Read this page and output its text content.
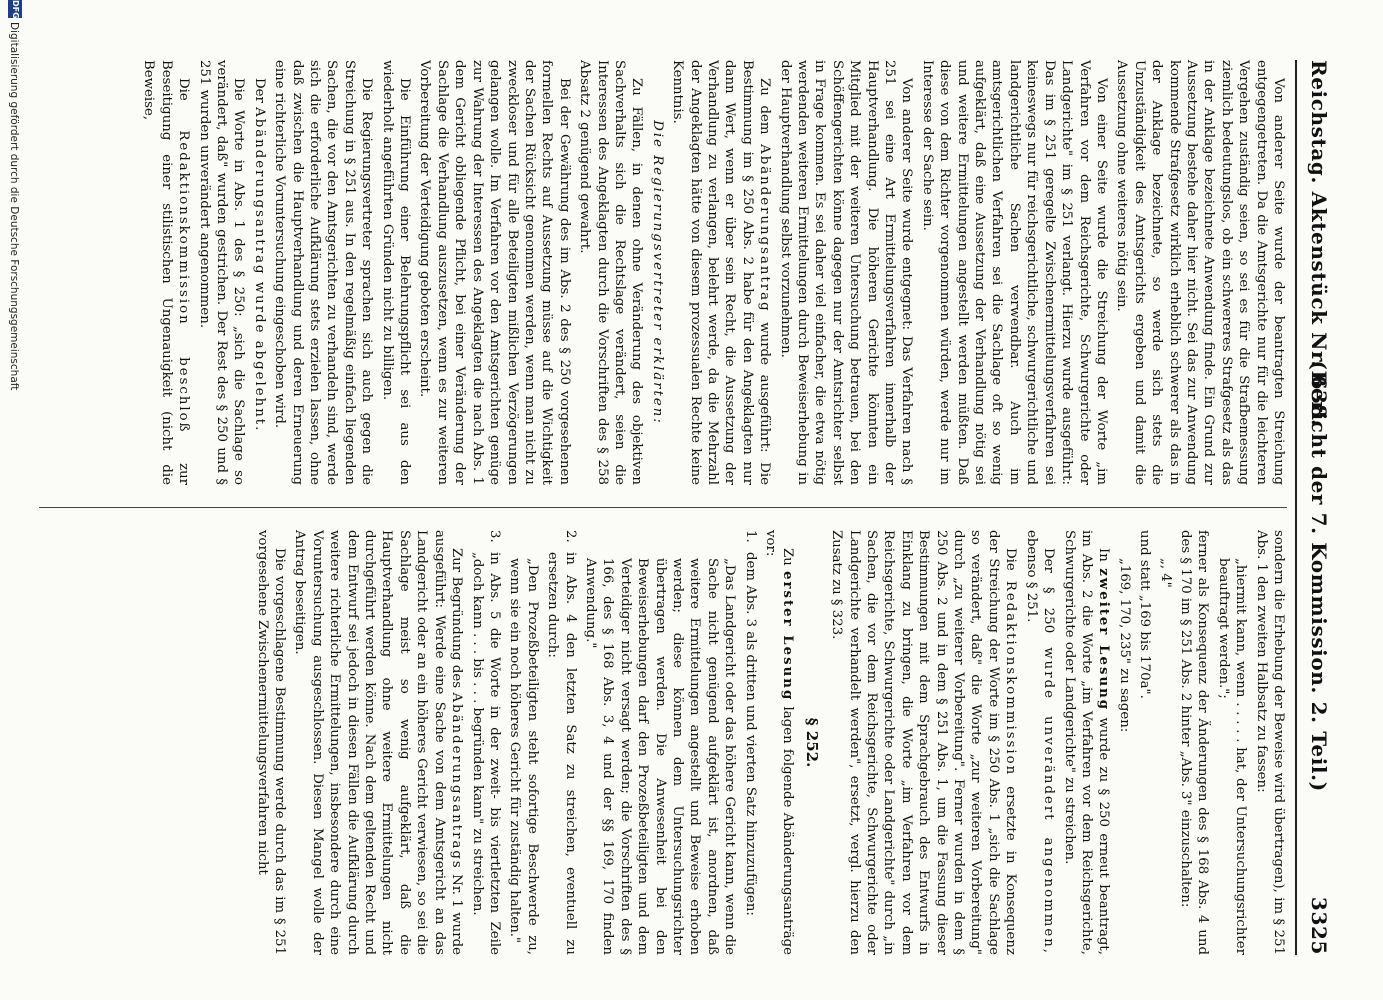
Reichstag. Aktenstück Nr. 638.
(Bericht der 7. Kommission. 2. Teil.)  3325

Von anderer Seite wurde der beantragten Streichung entgegengetreten. Da die Amtsgerichte nur für die leichteren Vergehen zuständig seien, so sei es für die Strafbemessung ziemlich bedeutungslos, ob ein schwereres Strafgesetz als das in der Anklage bezeichnete Anwendung finde. Ein Grund zur Aussetzung bestehe daher hier nicht. Sei das zur Anwendung kommende Strafgesetz wirklich erheblich schwerer als das in der Anklage bezeichnete, so werde sich stets die Unzuständigkeit des Amtsgerichts ergeben und damit die Aussetzung ohne weiteres nötig sein.

Von einer Seite wurde die Streichung der Worte „im Verfahren vor dem Reichsgerichte, Schwurgerichte oder Landgerichte" im § 251 verlangt. Hierzu wurde ausgeführt: Das im § 251 geregelte Zwischenermittelungsverfahren sei keineswegs nur für reichsgerichtliche, schwurgerichtliche und landgerichtliche Sachen verwendbar. Auch im amtsgerichtlichen Verfahren sei die Sachlage oft so wenig aufgeklärt, daß eine Aussetzung der Verhandlung nötig sei und weitere Ermittelungen angestellt werden müßten. Daß diese von dem Richter vorgenommen würden, werde nur im Interesse der Sache sein.

Von anderer Seite wurde entgegnet: Das Verfahren nach § 251 sei eine Art Ermittelungsverfahren innerhalb der Hauptverhandlung. Die höheren Gerichte könnten ein Mitglied mit der weiteren Untersuchung betrauen, bei den Schöffengerichten könne dagegen nur der Amtsrichter selbst in Frage kommen. Es sei daher viel einfacher, die etwa nötig werdenden weiteren Ermittelungen durch Beweiserhebung in der Hauptverhandlung selbst vorzunehmen.

Zu dem Abänderungsantrag wurde ausgeführt: Die Bestimmung im § 250 Abs. 2 habe für den Angeklagten nur dann Wert, wenn er über sein Recht, die Aussetzung der Verhandlung zu verlangen, belehrt werde, da die Mehrzahl der Angeklagten hätte von diesem prozessualen Rechte keine Kenntnis.

Die Regierungsvertreter erklärten:

Zu Fällen, in denen ohne Veränderung des objektiven Sachverhalts sich die Rechtslage verändert, seien die Interessen des Angeklagten durch die Vorschriften des § 258 Absatz 2 genügend gewahrt.

Bei der Gewährung des im Abs. 2 des § 250 vorgesehenen formellen Rechts auf Aussetzung müsse auf die Wichtigkeit der Sachen Rücksicht genommen werden, wenn man nicht zu zweckloser und für alle Beteiligten mißlichen Verzögerungen gelangen wolle. Im Verfahren vor den Amtsgerichten genüge zur Wahrung der Interessen des Angeklagten die nach Abs. 1 dem Gericht obliegende Pflicht, bei einer Veränderung der Sachlage die Verhandlung auszusetzen, wenn es zur weiteren Vorbereitung der Verteidigung geboten erscheint.

Die Einführung einer Belehrungspflicht sei aus den wiederholt angeführten Gründen nicht zu billigen.

Die Regierungsvertreter sprachen sich auch gegen die Streichung in § 251 aus. In den regelmäßig einfach liegenden Sachen, die vor den Amtsgerichten zu verhandeln sind, werde sich die erforderliche Aufklärung stets erzielen lassen, ohne daß zwischen die Hauptverhandlung und deren Erneuerung eine richterliche Voruntersuchung eingeschoben wird.

Der Abänderungsantrag wurde abgelehnt.

Die Worte in Abs. 1 des § 250: „sich die Sachlage so verändert, daß" wurden gestrichen. Der Rest des § 250 und § 251 wurden unverändert angenommen.

Die Redaktionskommission beschloß zur Beseitigung einer stilistischen Ungenauigkeit (nicht die Beweise,

sondern die Erhebung der Beweise wird übertragen), im § 251 Abs. 1 den zweiten Halbsatz zu fassen:

„hiermit kann, wenn . . . . . hat, der Untersuchungsrichter beauftragt werden.";

ferner als Konsequenz der Änderungen des § 168 Abs. 4 und des § 170 im § 251 Abs. 2 hinter „Abs. 3" einzuschalten:

„, 4"

und statt „169 bis 170a".

„169, 170, 235" zu sagen:

In zweiter Lesung wurde zu § 250 erneut beantragt, im Abs. 2 die Worte „im Verfahren vor dem Reichsgerichte, Schwurgerichte oder Landgerichte" zu streichen.

Der § 250 wurde unverändert angenommen, ebenso § 251.

Die Redaktionskommission ersetzte in Konsequenz der Streichung der Worte im § 250 Abs. 1 „sich die Sachlage so verändert, daß" die Worte „zur weiteren Vorbereitung" durch „zu weiterer Vorbereitung". Ferner wurden in dem § 250 Abs. 2 und in dem § 251 Abs. 1, um die Fassung dieser Bestimmungen mit dem Sprachgebrauch des Entwurfs in Einklang zu bringen, die Worte „im Verfahren vor dem Reichsgerichte, Schwurgerichte oder Landgerichte" durch „in Sachen, die vor dem Reichsgerichte, Schwurgerichte oder Landgerichte verhandelt werden", ersetzt, vergl. hierzu den Zusatz zu § 323.

§ 252.

Zu erster Lesung lagen folgende Abänderungsanträge vor:

1.dem Abs. 3 als dritten und vierten Satz hinzuzufügen:

„Das Landgericht oder das höhere Gericht kann, wenn die Sache nicht genügend aufgeklärt ist, anordnen, daß weitere Ermittelungen angestellt und Beweise erhoben werden; diese können dem Untersuchungsrichter übertragen werden. Die Anwesenheit bei den Beweiserhebungen darf den Prozeßbeteiligten und dem Verteidiger nicht versagt werden; die Vorschriften des § 166, des § 168 Abs. 3, 4 und der §§ 169, 170 finden Anwendung."

2.in Abs. 4 den letzten Satz zu streichen, eventuell zu ersetzen durch:

„Den Prozeßbeteiligten steht sofortige Beschwerde zu, wenn sie ein noch höheres Gericht für zuständig halten."

3.in Abs. 5 die Worte in der zweit- bis viertletzten Zeile „doch kann . . . bis . . . begründen kann" zu streichen.

Zur Begründung des Abänderungsantrags Nr. 1 wurde ausgeführt: Werde eine Sache von dem Amtsgericht an das Landgericht oder an ein höheres Gericht verwiesen, so sei die Sachlage meist so wenig aufgeklärt, daß die Hauptverhandlung ohne weitere Ermittelungen nicht durchgeführt werden könne. Nach dem geltenden Recht und dem Entwurf sei jedoch in diesen Fällen die Aufklärung durch weitere richterliche Ermittelungen, insbesondere durch eine Voruntersuchung ausgeschlossen. Diesen Mangel wolle der Antrag beseitigen.

Die vorgeschlagene Bestimmung werde durch das im § 251 vorgesehene Zwischenermittelungsverfahren nicht

DFG
Digitalisierung gefördert durch die Deutsche Forschungsgemeinschaft
